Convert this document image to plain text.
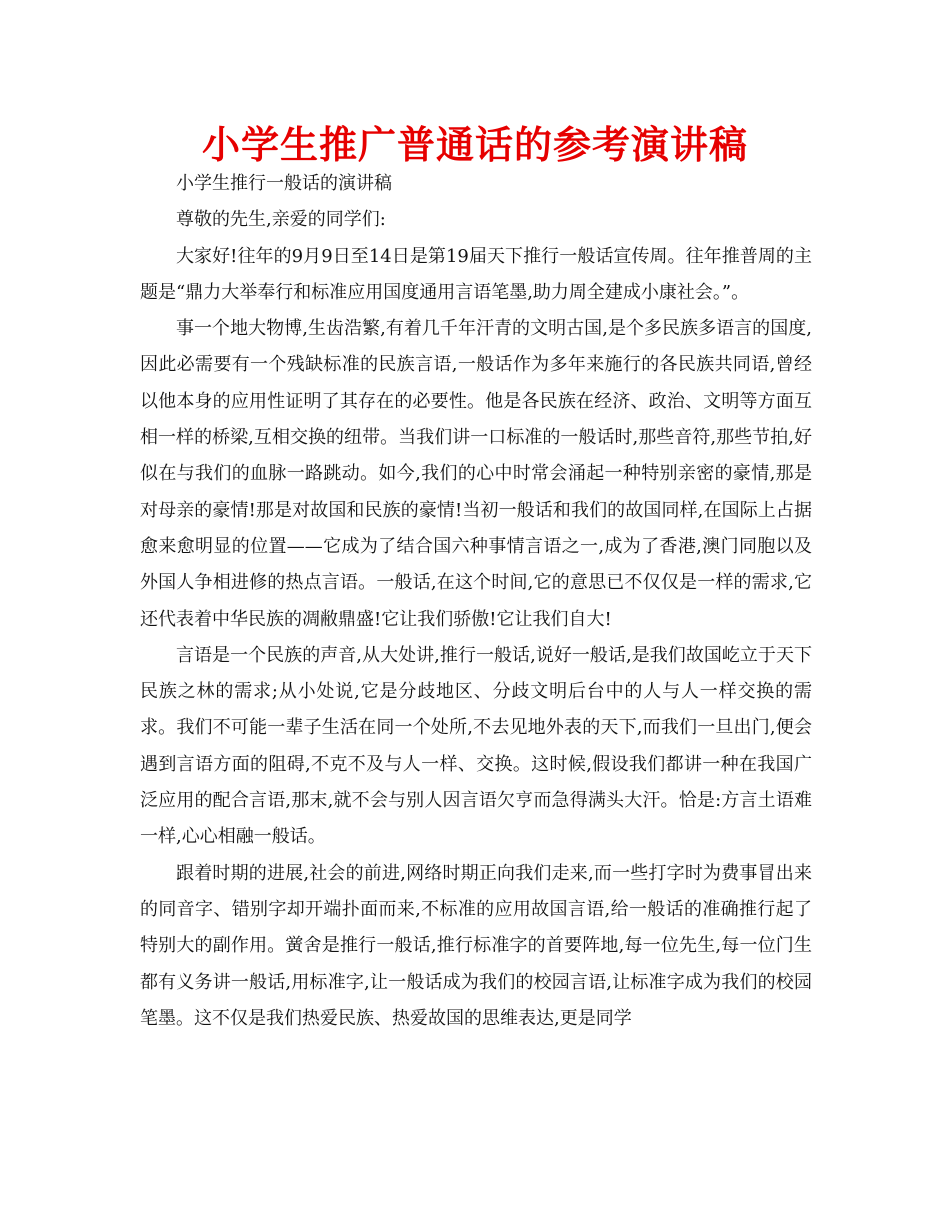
小学生推广普通话的参考演讲稿

小学生推行一般话的演讲稿

尊敬的先生,亲爱的同学们:

大家好!往年的9月9日至14日是第19届天下推行一般话宣传周。往年推普周的主题是“鼎力大举奉行和标准应用国度通用言语笔墨,助力周全建成小康社会。”。

事一个地大物博,生齿浩繁,有着几千年汗青的文明古国,是个多民族多语言的国度,因此必需要有一个残缺标准的民族言语,一般话作为多年来施行的各民族共同语,曾经以他本身的应用性证明了其存在的必要性。他是各民族在经济、政治、文明等方面互相一样的桥梁,互相交换的纽带。当我们讲一口标准的一般话时,那些音符,那些节拍,好似在与我们的血脉一路跳动。如今,我们的心中时常会涌起一种特别亲密的豪情,那是对母亲的豪情!那是对故国和民族的豪情!当初一般话和我们的故国同样,在国际上占据愈来愈明显的位置——它成为了结合国六种事情言语之一,成为了香港,澳门同胞以及外国人争相进修的热点言语。一般话,在这个时间,它的意思已不仅仅是一样的需求,它还代表着中华民族的凋敝鼎盛!它让我们骄傲!它让我们自大!

言语是一个民族的声音,从大处讲,推行一般话,说好一般话,是我们故国屹立于天下民族之林的需求;从小处说,它是分歧地区、分歧文明后台中的人与人一样交换的需求。我们不可能一辈子生活在同一个处所,不去见地外表的天下,而我们一旦出门,便会遇到言语方面的阻碍,不克不及与人一样、交换。这时候,假设我们都讲一种在我国广泛应用的配合言语,那末,就不会与别人因言语欠亨而急得满头大汗。恰是:方言土语难一样,心心相融一般话。

跟着时期的进展,社会的前进,网络时期正向我们走来,而一些打字时为费事冒出来的同音字、错别字却开端扑面而来,不标准的应用故国言语,给一般话的准确推行起了特别大的副作用。黉舍是推行一般话,推行标准字的首要阵地,每一位先生,每一位门生都有义务讲一般话,用标准字,让一般话成为我们的校园言语,让标准字成为我们的校园笔墨。这不仅是我们热爱民族、热爱故国的思维表达,更是同学
